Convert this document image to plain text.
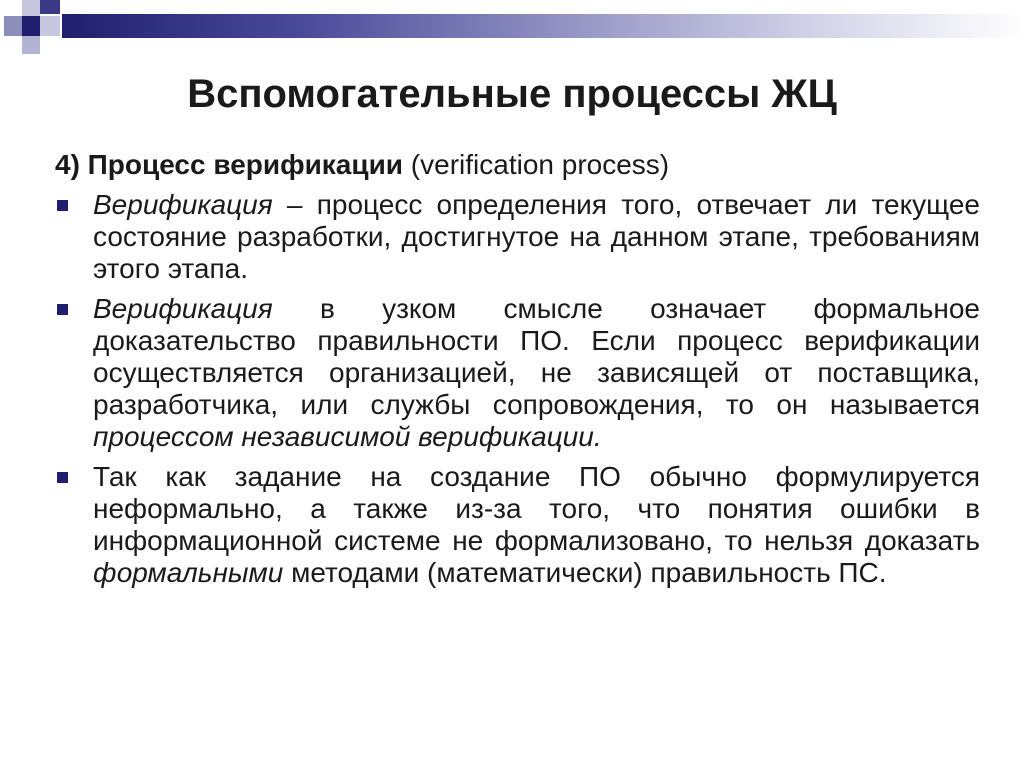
Вспомогательные процессы ЖЦ
4) Процесс верификации (verification process)
Верификация – процесс определения того, отвечает ли текущее состояние разработки, достигнутое на данном этапе, требованиям этого этапа.
Верификация в узком смысле означает формальное доказательство правильности ПО. Если процесс верификации осуществляется организацией, не зависящей от поставщика, разработчика, или службы сопровождения, то он называется процессом независимой верификации.
Так как задание на создание ПО обычно формулируется неформально, а также из-за того, что понятия ошибки в информационной системе не формализовано, то нельзя доказать формальными методами (математически) правильность ПС.
